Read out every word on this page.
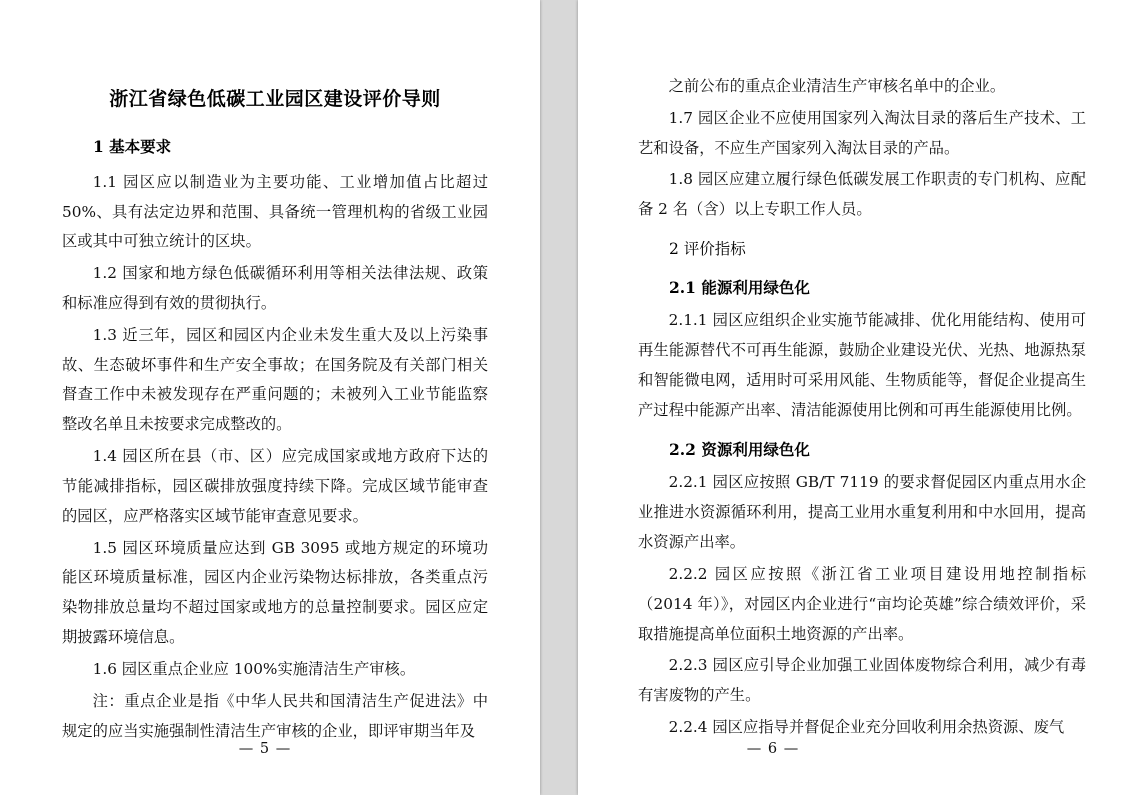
浙江省绿色低碳工业园区建设评价导则
1 基本要求

1.1 园区应以制造业为主要功能、工业增加值占比超过 50%、具有法定边界和范围、具备统一管理机构的省级工业园区或其中可独立统计的区块。

1.2 国家和地方绿色低碳循环利用等相关法律法规、政策和标准应得到有效的贯彻执行。

1.3 近三年，园区和园区内企业未发生重大及以上污染事故、生态破坏事件和生产安全事故；在国务院及有关部门相关督查工作中未被发现存在严重问题的；未被列入工业节能监察整改名单且未按要求完成整改的。

1.4 园区所在县（市、区）应完成国家或地方政府下达的节能减排指标，园区碳排放强度持续下降。完成区域节能审查的园区，应严格落实区域节能审查意见要求。

1.5 园区环境质量应达到 GB 3095 或地方规定的环境功能区环境质量标准，园区内企业污染物达标排放，各类重点污染物排放总量均不超过国家或地方的总量控制要求。园区应定期披露环境信息。

1.6 园区重点企业应 100%实施清洁生产审核。

注：重点企业是指《中华人民共和国清洁生产促进法》中规定的应当实施强制性清洁生产审核的企业，即评审期当年及

— 5 —

之前公布的重点企业清洁生产审核名单中的企业。

1.7 园区企业不应使用国家列入淘汰目录的落后生产技术、工艺和设备，不应生产国家列入淘汰目录的产品。

1.8 园区应建立履行绿色低碳发展工作职责的专门机构、应配备 2 名（含）以上专职工作人员。

2 评价指标
2.1 能源利用绿色化

2.1.1 园区应组织企业实施节能减排、优化用能结构、使用可再生能源替代不可再生能源，鼓励企业建设光伏、光热、地源热泵和智能微电网，适用时可采用风能、生物质能等，督促企业提高生产过程中能源产出率、清洁能源使用比例和可再生能源使用比例。

2.2 资源利用绿色化

2.2.1 园区应按照 GB/T 7119 的要求督促园区内重点用水企业推进水资源循环利用，提高工业用水重复利用和中水回用，提高水资源产出率。

2.2.2 园区应按照《浙江省工业项目建设用地控制指标（2014 年）》，对园区内企业进行“亩均论英雄”综合绩效评价，采取措施提高单位面积土地资源的产出率。

2.2.3 园区应引导企业加强工业固体废物综合利用，减少有毒有害废物的产生。

2.2.4 园区应指导并督促企业充分回收利用余热资源、废气

— 6 —
